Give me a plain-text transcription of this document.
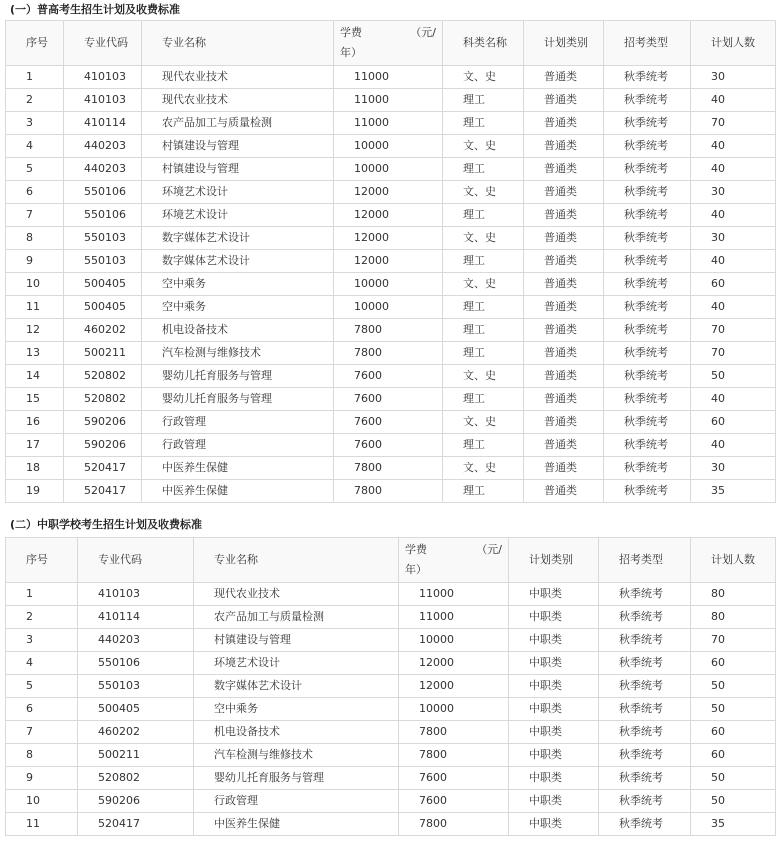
(一）普高考生招生计划及收费标准
序号	专业代码	专业名称	学费 （元/
年）	科类名称	计划类别	招考类型	计划人数
1	410103	现代农业技术	11000	文、史	普通类	秋季统考	30
2	410103	现代农业技术	11000	理工	普通类	秋季统考	40
3	410114	农产品加工与质量检测	11000	理工	普通类	秋季统考	70
4	440203	村镇建设与管理	10000	文、史	普通类	秋季统考	40
5	440203	村镇建设与管理	10000	理工	普通类	秋季统考	40
6	550106	环境艺术设计	12000	文、史	普通类	秋季统考	30
7	550106	环境艺术设计	12000	理工	普通类	秋季统考	40
8	550103	数字媒体艺术设计	12000	文、史	普通类	秋季统考	30
9	550103	数字媒体艺术设计	12000	理工	普通类	秋季统考	40
10	500405	空中乘务	10000	文、史	普通类	秋季统考	60
11	500405	空中乘务	10000	理工	普通类	秋季统考	40
12	460202	机电设备技术	7800	理工	普通类	秋季统考	70
13	500211	汽车检测与维修技术	7800	理工	普通类	秋季统考	70
14	520802	婴幼儿托育服务与管理	7600	文、史	普通类	秋季统考	50
15	520802	婴幼儿托育服务与管理	7600	理工	普通类	秋季统考	40
16	590206	行政管理	7600	文、史	普通类	秋季统考	60
17	590206	行政管理	7600	理工	普通类	秋季统考	40
18	520417	中医养生保健	7800	文、史	普通类	秋季统考	30
19	520417	中医养生保健	7800	理工	普通类	秋季统考	35
(二）中职学校考生招生计划及收费标准
序号	专业代码	专业名称	学费 （元/
年）	计划类别	招考类型	计划人数
1	410103	现代农业技术	11000	中职类	秋季统考	80
2	410114	农产品加工与质量检测	11000	中职类	秋季统考	80
3	440203	村镇建设与管理	10000	中职类	秋季统考	70
4	550106	环境艺术设计	12000	中职类	秋季统考	60
5	550103	数字媒体艺术设计	12000	中职类	秋季统考	50
6	500405	空中乘务	10000	中职类	秋季统考	50
7	460202	机电设备技术	7800	中职类	秋季统考	60
8	500211	汽车检测与维修技术	7800	中职类	秋季统考	60
9	520802	婴幼儿托育服务与管理	7600	中职类	秋季统考	50
10	590206	行政管理	7600	中职类	秋季统考	50
11	520417	中医养生保健	7800	中职类	秋季统考	35
